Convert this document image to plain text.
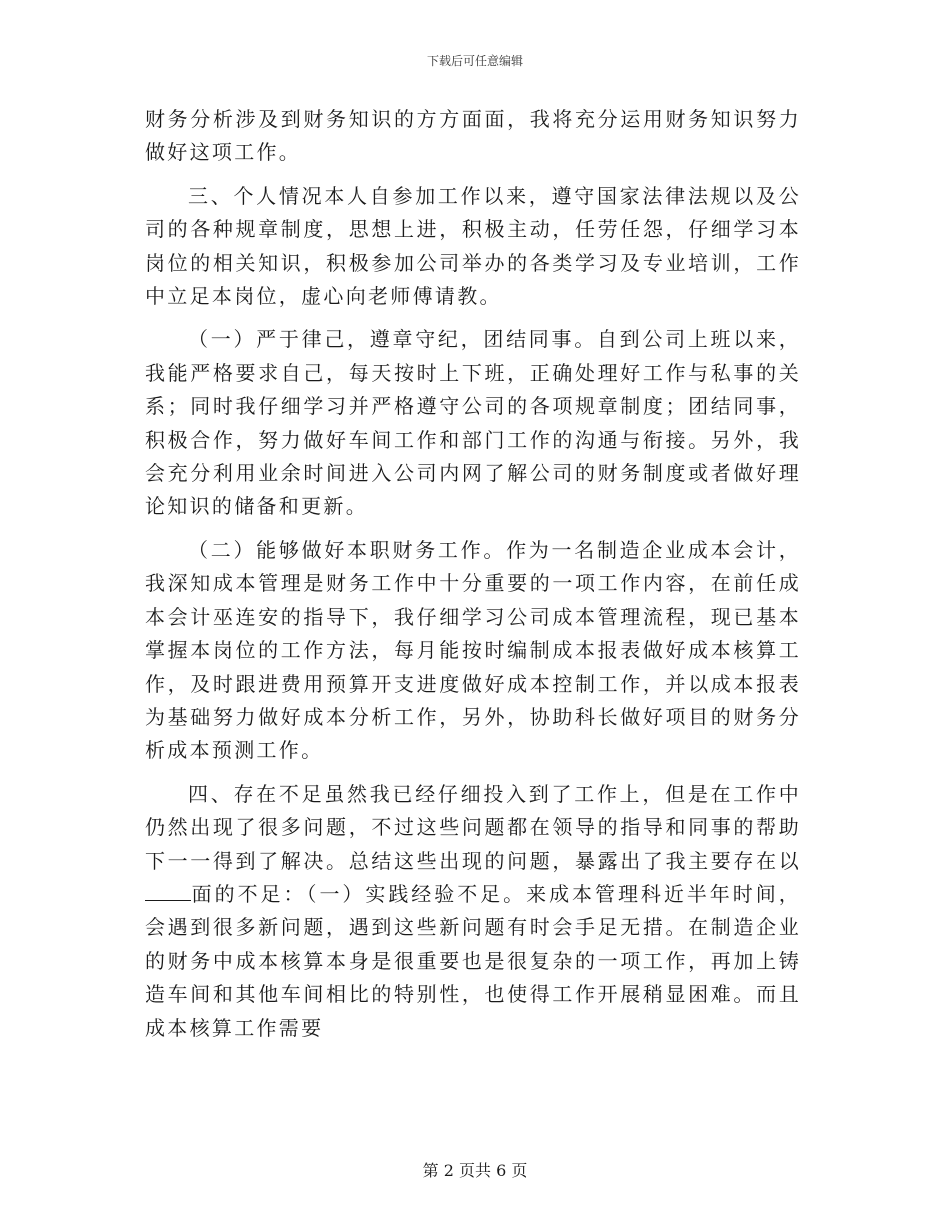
下载后可任意编辑

财务分析涉及到财务知识的方方面面，我将充分运用财务知识努力做好这项工作。

三、个人情况本人自参加工作以来，遵守国家法律法规以及公司的各种规章制度，思想上进，积极主动，任劳任怨，仔细学习本岗位的相关知识，积极参加公司举办的各类学习及专业培训，工作中立足本岗位，虚心向老师傅请教。

（一）严于律己，遵章守纪，团结同事。自到公司上班以来，我能严格要求自己，每天按时上下班，正确处理好工作与私事的关系；同时我仔细学习并严格遵守公司的各项规章制度；团结同事，积极合作，努力做好车间工作和部门工作的沟通与衔接。另外，我会充分利用业余时间进入公司内网了解公司的财务制度或者做好理论知识的储备和更新。

（二）能够做好本职财务工作。作为一名制造企业成本会计，我深知成本管理是财务工作中十分重要的一项工作内容，在前任成本会计巫连安的指导下，我仔细学习公司成本管理流程，现已基本掌握本岗位的工作方法，每月能按时编制成本报表做好成本核算工作，及时跟进费用预算开支进度做好成本控制工作，并以成本报表为基础努力做好成本分析工作，另外，协助科长做好项目的财务分析成本预测工作。

四、存在不足虽然我已经仔细投入到了工作上，但是在工作中仍然出现了很多问题，不过这些问题都在领导的指导和同事的帮助下一一得到了解决。总结这些出现的问题，暴露出了我主要存在以面的不足：（一）实践经验不足。来成本管理科近半年时间，会遇到很多新问题，遇到这些新问题有时会手足无措。在制造企业的财务中成本核算本身是很重要也是很复杂的一项工作，再加上铸造车间和其他车间相比的特别性，也使得工作开展稍显困难。而且成本核算工作需要

第 2 页共 6 页
